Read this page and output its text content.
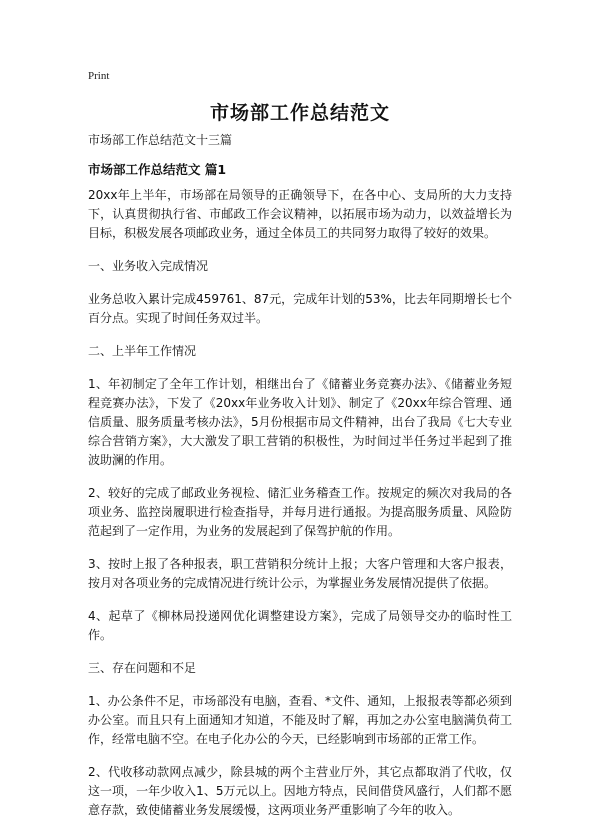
Print
市场部工作总结范文
市场部工作总结范文十三篇
市场部工作总结范文 篇1

20xx年上半年，市场部在局领导的正确领导下，在各中心、支局所的大力支持下，认真贯彻执行省、市邮政工作会议精神，以拓展市场为动力，以效益增长为目标，积极发展各项邮政业务，通过全体员工的共同努力取得了较好的效果。

一、业务收入完成情况

业务总收入累计完成459761、87元，完成年计划的53%，比去年同期增长七个百分点。实现了时间任务双过半。

二、上半年工作情况

1、年初制定了全年工作计划，相继出台了《储蓄业务竞赛办法》、《储蓄业务短程竞赛办法》，下发了《20xx年业务收入计划》、制定了《20xx年综合管理、通信质量、服务质量考核办法》，5月份根据市局文件精神，出台了我局《七大专业综合营销方案》，大大激发了职工营销的积极性，为时间过半任务过半起到了推波助澜的作用。

2、较好的完成了邮政业务视检、储汇业务稽查工作。按规定的频次对我局的各项业务、监控岗履职进行检查指导，并每月进行通报。为提高服务质量、风险防范起到了一定作用，为业务的发展起到了保驾护航的作用。

3、按时上报了各种报表，职工营销积分统计上报；大客户管理和大客户报表，按月对各项业务的完成情况进行统计公示，为掌握业务发展情况提供了依据。

4、起草了《柳林局投递网优化调整建设方案》，完成了局领导交办的临时性工作。

三、存在问题和不足

1、办公条件不足，市场部没有电脑，查看、*文件、通知，上报报表等都必须到办公室。而且只有上面通知才知道，不能及时了解，再加之办公室电脑满负荷工作，经常电脑不空。在电子化办公的今天，已经影响到市场部的正常工作。

2、代收移动款网点减少，除县城的两个主营业厅外，其它点都取消了代收，仅这一项，一年少收入1、5万元以上。因地方特点，民间借贷风盛行，人们都不愿意存款，致使储蓄业务发展缓慢，这两项业务严重影响了今年的收入。
